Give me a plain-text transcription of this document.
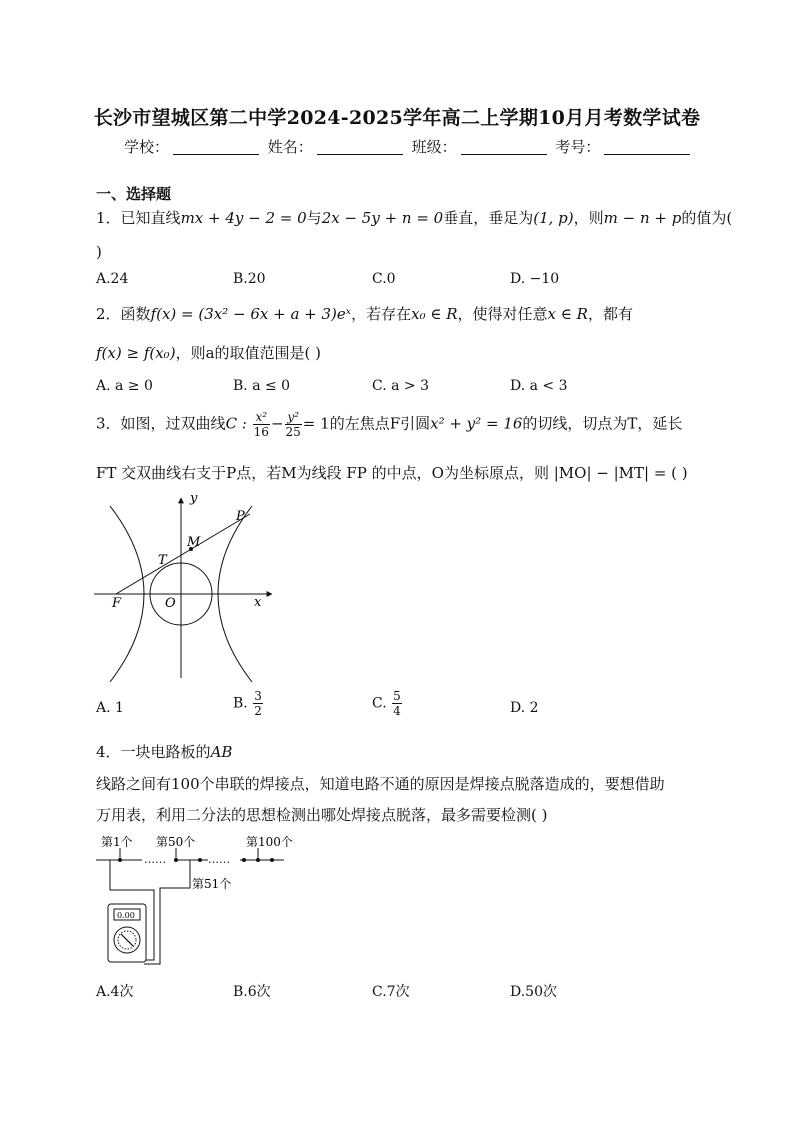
长沙市望城区第二中学2024-2025学年高二上学期10月月考数学试卷
学校：	姓名：	班级：	考号：
一、选择题
1．已知直线mx + 4y − 2 = 0与2x − 5y + n = 0垂直，垂足为(1, p)，则m − n + p的值为(
)
A.24	B.20	C.0	D. −10
2．函数f(x) = (3x² − 6x + a + 3)eˣ，若存在x₀ ∈ R，使得对任意x ∈ R，都有
f(x) ≥ f(x₀)，则a的取值范围是( )
A. a ≥ 0	B. a ≤ 0	C. a > 3	D. a < 3
3．如图，过双曲线C : $\frac{\text{x²}}{16} - \frac{\text{y²}}{25} = 1$的左焦点F引圆x² + y² = 16的切线，切点为T，延长
FT 交双曲线右支于P点，若M为线段 FP 的中点，O为坐标原点，则 |MO| − |MT| = ( )
y
x
O
F
T
M
P
A. 1	B. $\frac{3}{2}$	C. $\frac{5}{4}$	D. 2
4．一块电路板的AB
线路之间有100个串联的焊接点，知道电路不通的原因是焊接点脱落造成的，要想借助
万用表，利用二分法的思想检测出哪处焊接点脱落，最多需要检测( )
第1个 第50个	第100个
……	……
第51个
0.00
A.4次	B.6次	C.7次	D.50次
